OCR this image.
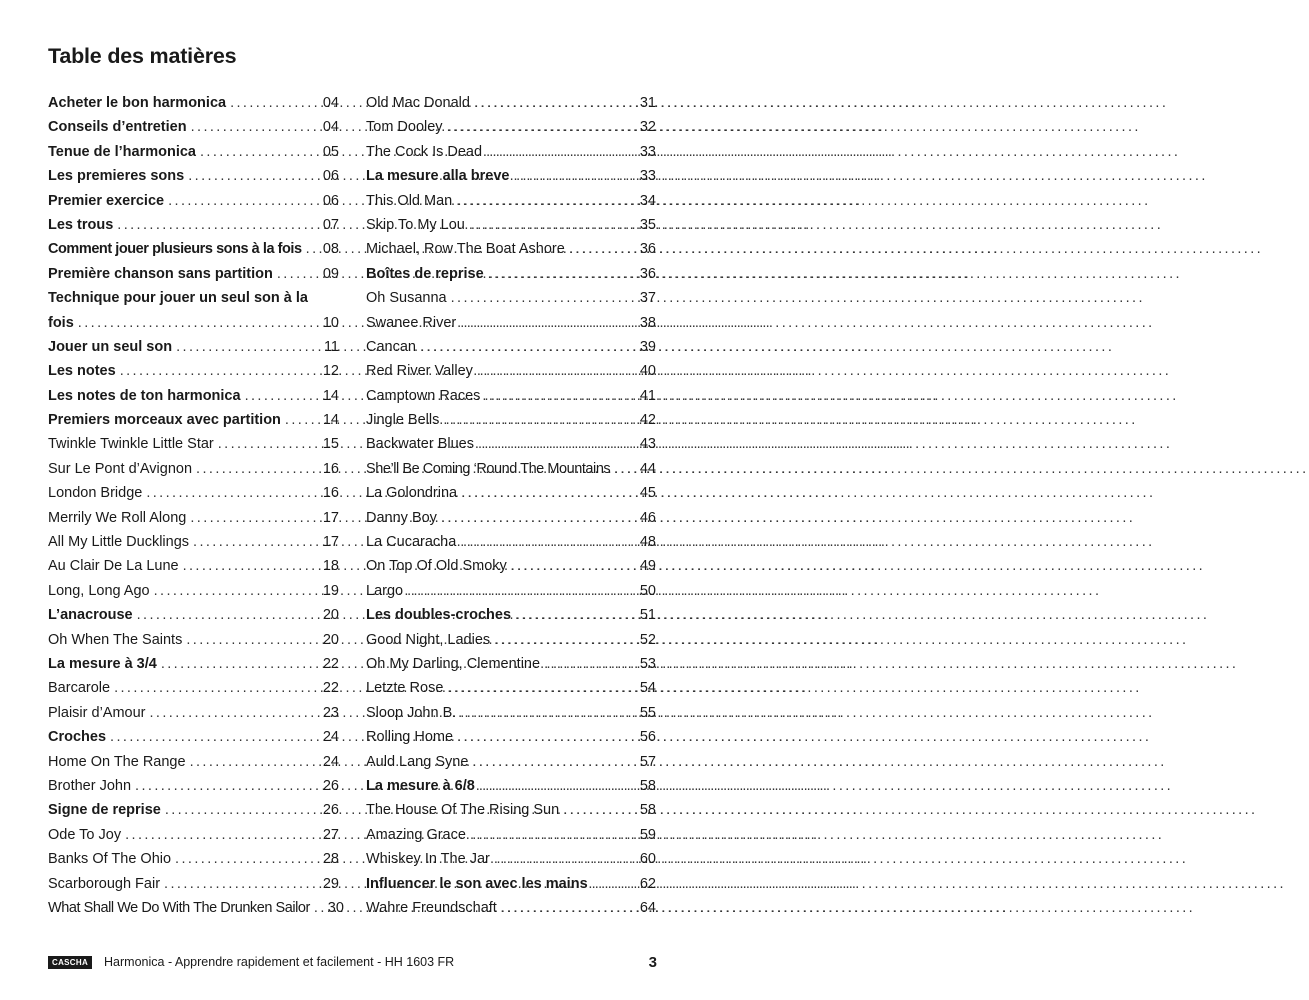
Table des matières
Acheter le bon harmonica .....	04
Conseils d’entretien .....	04
Tenue de l’harmonica .....	05
Les premieres sons .....	06
Premier exercice .....	06
Les trous .....	07
Comment jouer plusieurs sons à la fois ..... 08
Première chanson sans partition .....	09
Technique pour jouer un seul son à la
fois .....	10
Jouer un seul son .....	11
Les notes .....	12
Les notes de ton harmonica .....	14
Premiers morceaux avec partition .....	14
Twinkle Twinkle Little Star .....	15
Sur Le Pont d’Avignon .....	16
London Bridge .....	16
Merrily We Roll Along .....	17
All My Little Ducklings .....	17
Au Clair De La Lune .....	18
Long, Long Ago .....	19
L’anacrouse .....	20
Oh When The Saints .....	20
La mesure à 3/4 .....	22
Barcarole .....	22
Plaisir d’Amour .....	23
Croches .....	24
Home On The Range .....	24
Brother John .....	26
Signe de reprise .....	26
Ode To Joy .....	27
Banks Of The Ohio .....	28
Scarborough Fair .....	29
What Shall We Do With The Drunken Sailor ..... 30
Old Mac Donald .....	31
Tom Dooley .....	32
The Cock Is Dead .....	33
La mesure alla breve .....	33
This Old Man .....	34
Skip To My Lou .....	35
Michael, Row The Boat Ashore .....	36
Boîtes de reprise .....	36
Oh Susanna .....	37
Swanee River .....	38
Cancan .....	39
Red River Valley .....	40
Camptown Races .....	41
Jingle Bells .....	42
Backwater Blues .....	43
She’ll Be Coming ‘Round The Mountains ..... 44
La Golondrina .....	45
Danny Boy .....	46
La Cucaracha .....	48
On Top Of Old Smoky .....	49
Largo .....	50
Les doubles-croches .....	51
Good Night, Ladies .....	52
Oh My Darling, Clementine .....	53
Letzte Rose .....	54
Sloop John B. .....	55
Rolling Home .....	56
Auld Lang Syne .....	57
La mesure à 6/8 .....	58
The House Of The Rising Sun .....	58
Amazing Grace .....	59
Whiskey In The Jar .....	60
Influencer le son avec les mains .....	62
Wahre Freundschaft .....	64
CASCHA	Harmonica - Apprendre rapidement et facilement - HH 1603 FR	3
